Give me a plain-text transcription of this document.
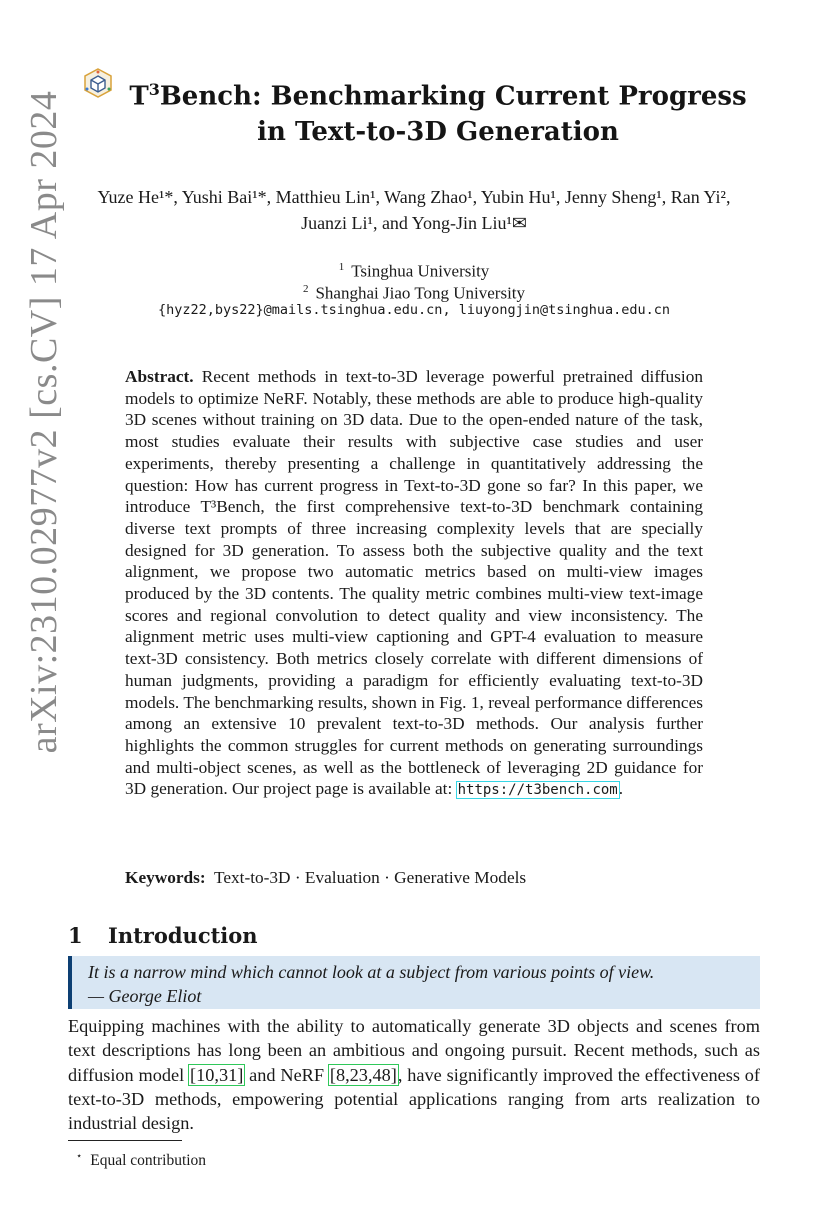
arXiv:2310.02977v2 [cs.CV] 17 Apr 2024	$T^3Bench$: Benchmarking Current Progress in Text-to-3D Generation
Yuze He¹*, Yushi Bai¹*, Matthieu Lin¹, Wang Zhao¹, Yubin Hu¹, Jenny Sheng¹, Ran Yi², Juanzi Li¹, and Yong-Jin Liu¹✉
$^1$ Tsinghua University
$^2$ Shanghai Jiao Tong University
{hyz22,bys22}@mails.tsinghua.edu.cn, liuyongjin@tsinghua.edu.cn
Abstract. Recent methods in text-to-3D leverage powerful pretrained diffusion models to optimize NeRF. Notably, these methods are able to produce high-quality 3D scenes without training on 3D data. Due to the open-ended nature of the task, most studies evaluate their results with subjective case studies and user experiments, thereby presenting a challenge in quantitatively addressing the question: How has current progress in Text-to-3D gone so far? In this paper, we introduce T³Bench, the first comprehensive text-to-3D benchmark containing diverse text prompts of three increasing complexity levels that are specially designed for 3D generation. To assess both the subjective quality and the text alignment, we propose two automatic metrics based on multi-view images produced by the 3D contents. The quality metric combines multi-view text-image scores and regional convolution to detect quality and view inconsistency. The alignment metric uses multi-view captioning and GPT-4 evaluation to measure text-3D consistency. Both metrics closely correlate with different dimensions of human judgments, providing a paradigm for efficiently evaluating text-to-3D models. The benchmarking results, shown in Fig. 1, reveal performance differences among an extensive 10 prevalent text-to-3D methods. Our analysis further highlights the common struggles for current methods on generating surroundings and multi-object scenes, as well as the bottleneck of leveraging 2D guidance for 3D generation. Our project page is available at: https://t3bench.com.
Keywords: Text-to-3D · Evaluation · Generative Models
1 Introduction
It is a narrow mind which cannot look at a subject from various points of view.
— George Eliot
Equipping machines with the ability to automatically generate 3D objects and scenes from text descriptions has long been an ambitious and ongoing pursuit. Recent methods, such as diffusion model [10,31] and NeRF [8,23,48], have significantly improved the effectiveness of text-to-3D methods, empowering potential applications ranging from arts realization to industrial design.
⋆ Equal contribution
